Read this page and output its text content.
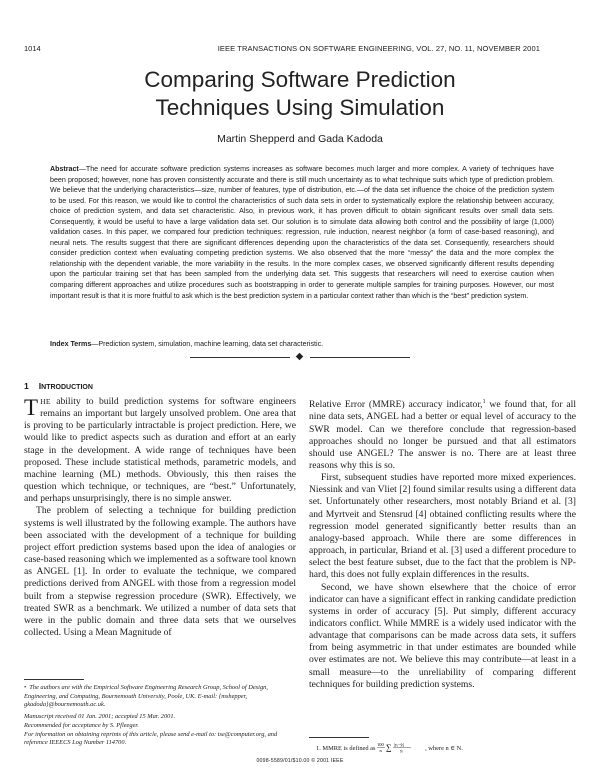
1014	IEEE TRANSACTIONS ON SOFTWARE ENGINEERING, VOL. 27, NO. 11, NOVEMBER 2001
Comparing Software Prediction
Techniques Using Simulation
Martin Shepperd and Gada Kadoda
Abstract—The need for accurate software prediction systems increases as software becomes much larger and more complex. A variety of techniques have been proposed; however, none has proven consistently accurate and there is still much uncertainty as to what technique suits which type of prediction problem. We believe that the underlying characteristics—size, number of features, type of distribution, etc.—of the data set influence the choice of the prediction system to be used. For this reason, we would like to control the characteristics of such data sets in order to systematically explore the relationship between accuracy, choice of prediction system, and data set characteristic. Also, in previous work, it has proven difficult to obtain significant results over small data sets. Consequently, it would be useful to have a large validation data set. Our solution is to simulate data allowing both control and the possibility of large (1,000) validation cases. In this paper, we compared four prediction techniques: regression, rule induction, nearest neighbor (a form of case-based reasoning), and neural nets. The results suggest that there are significant differences depending upon the characteristics of the data set. Consequently, researchers should consider prediction context when evaluating competing prediction systems. We also observed that the more “messy” the data and the more complex the relationship with the dependent variable, the more variability in the results. In the more complex cases, we observed significantly different results depending upon the particular training set that has been sampled from the underlying data set. This suggests that researchers will need to exercise caution when comparing different approaches and utilize procedures such as bootstrapping in order to generate multiple samples for training purposes. However, our most important result is that it is more fruitful to ask which is the best prediction system in a particular context rather than which is the “best” prediction system.
Index Terms—Prediction system, simulation, machine learning, data set characteristic.
1 INTRODUCTION

THE ability to build prediction systems for software engineers remains an important but largely unsolved problem. One area that is proving to be particularly intractable is project prediction. Here, we would like to predict aspects such as duration and effort at an early stage in the development. A wide range of techniques have been proposed. These include statistical methods, parametric models, and machine learning (ML) methods. Obviously, this then raises the question which technique, or techniques, are “best.” Unfortunately, and perhaps unsurprisingly, there is no simple answer.

The problem of selecting a technique for building prediction systems is well illustrated by the following example. The authors have been associated with the development of a technique for building project effort prediction systems based upon the idea of analogies or case-based reasoning which we implemented as a software tool known as ANGEL [1]. In order to evaluate the technique, we compared predictions derived from ANGEL with those from a regression model built from a stepwise regression procedure (SWR). Effectively, we treated SWR as a benchmark. We utilized a number of data sets that were in the public domain and three data sets that we ourselves collected. Using a Mean Magnitude of

Relative Error (MMRE) accuracy indicator,$^1$ we found that, for all nine data sets, ANGEL had a better or equal level of accuracy to the SWR model. Can we therefore conclude that regression-based approaches should no longer be pursued and that all estimators should use ANGEL? The answer is no. There are at least three reasons why this is so.

First, subsequent studies have reported more mixed experiences. Niessink and van Vliet [2] found similar results using a different data set. Unfortunately other researchers, most notably Briand et al. [3] and Myrtveit and Stensrud [4] obtained conflicting results where the regression model generated significantly better results than an analogy-based approach. While there are some differences in approach, in particular, Briand et al. [3] used a different procedure to select the best feature subset, due to the fact that the problem is NP-hard, this does not fully explain differences in the results.

Second, we have shown elsewhere that the choice of error indicator can have a significant effect in ranking candidate prediction systems in order of accuracy [5]. Put simply, different accuracy indicators conflict. While MMRE is a widely used indicator with the advantage that comparisons can be made across data sets, it suffers from being asymmetric in that under estimates are bounded while over estimates are not. We believe this may contribute—at least in a small measure—to the unreliability of comparing different techniques for building prediction systems.

• The authors are with the Empirical Software Engineering Research Group, School of Design, Engineering, and Computing, Bournemouth University, Poole, UK. E-mail: {mshepper, gkadoda}@bournemouth.ac.uk.

Manuscript received 01 Jan. 2001; accepted 15 Mar. 2001.

Recommended for acceptance by S. Pfleeger.

For information on obtaining reprints of this article, please send e-mail to: tse@computer.org, and reference IEEECS Log Number 114700.

1. MMRE is defined as
100
n ∑ |yᵢ−ŷᵢ|
yᵢ	, where n ∈ N.
0098-5589/01/$10.00 © 2001 IEEE
